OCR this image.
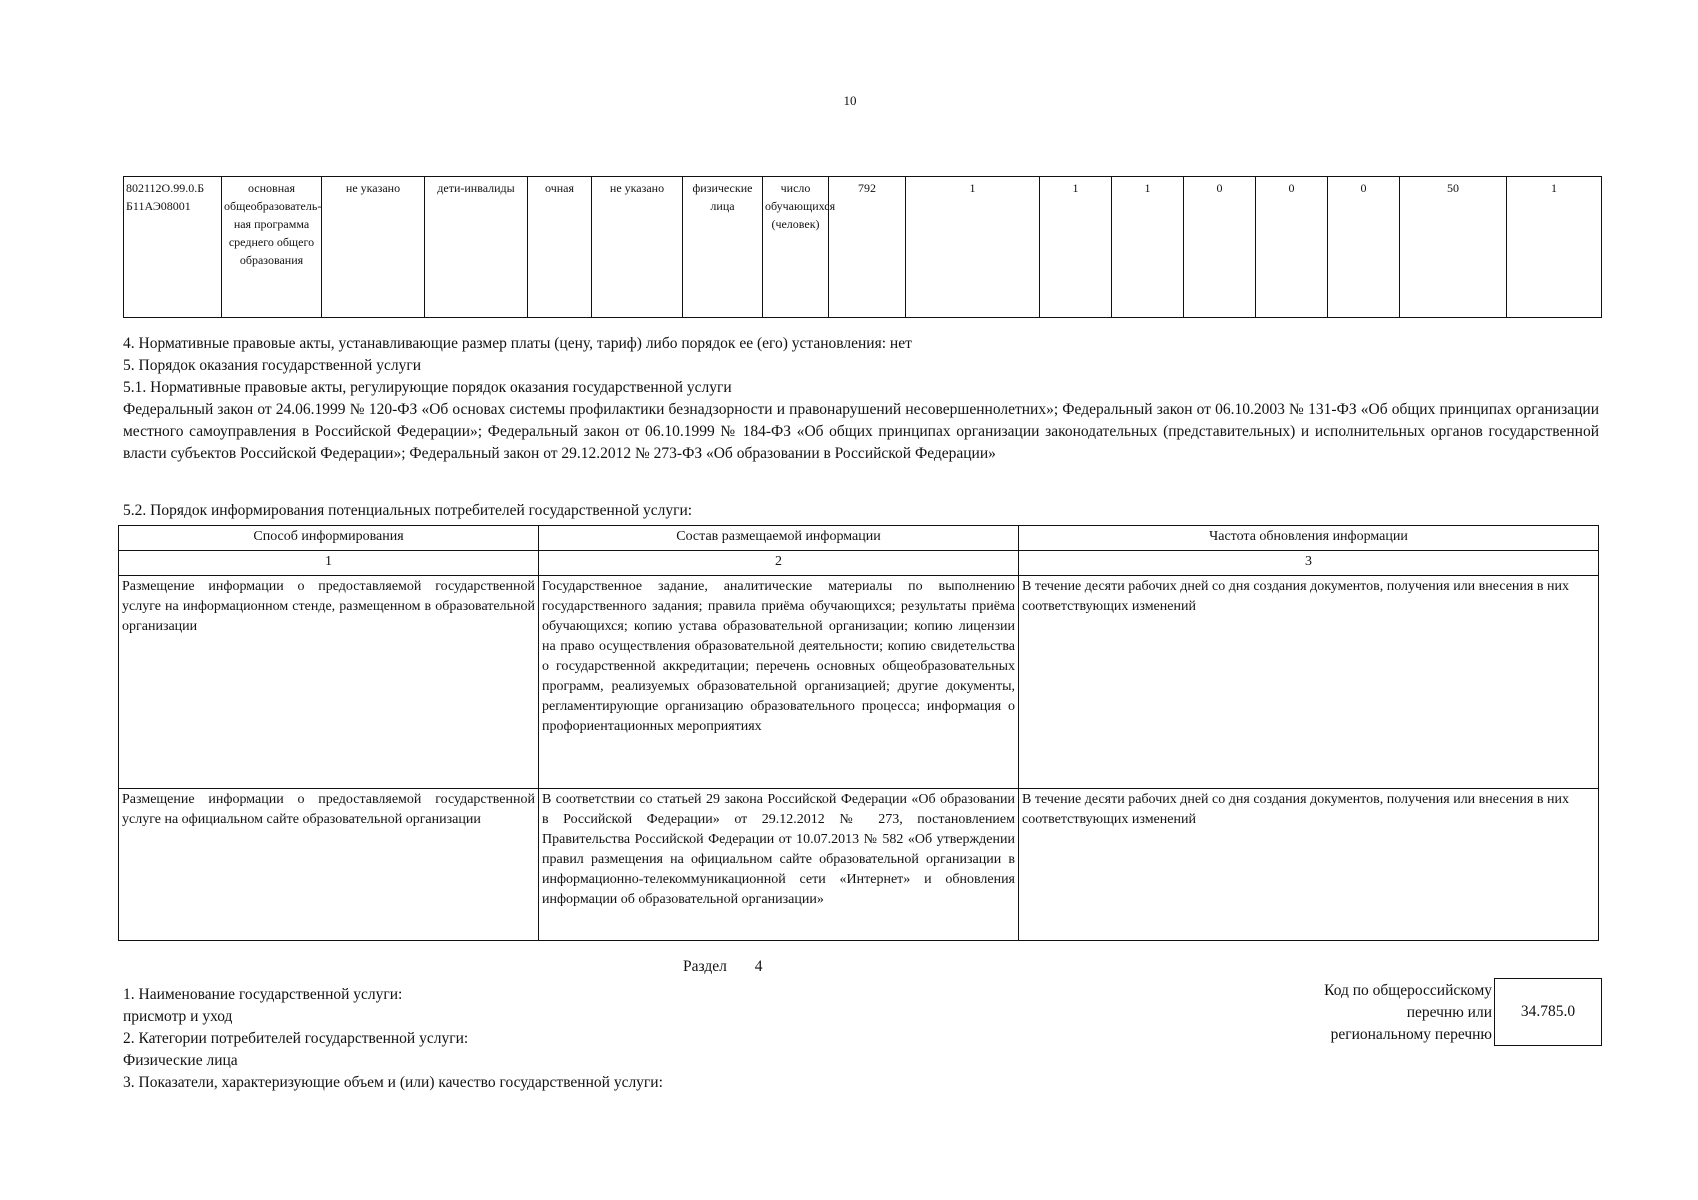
10
802112О.99.0.Б Б11АЭ08001	основная общеобразовательная программа среднего общего образования	не указано	дети-инвалиды	очная	не указано	физические лица	число обучающихся (человек)	792	1	1	1	0	0	0	50	1
4. Нормативные правовые акты, устанавливающие размер платы (цену, тариф) либо порядок ее (его) установления: нет
5. Порядок оказания государственной услуги
5.1. Нормативные правовые акты, регулирующие порядок оказания государственной услуги
Федеральный закон от 24.06.1999 № 120-ФЗ «Об основах системы профилактики безнадзорности и правонарушений несовершеннолетних»; Федеральный закон от 06.10.2003 № 131-ФЗ «Об общих принципах организации местного самоуправления в Российской Федерации»; Федеральный закон от 06.10.1999 № 184-ФЗ «Об общих принципах организации законодательных (представительных) и исполнительных органов государственной власти субъектов Российской Федерации»; Федеральный закон от 29.12.2012 № 273-ФЗ «Об образовании в Российской Федерации»
5.2. Порядок информирования потенциальных потребителей государственной услуги:
Способ информирования	Состав размещаемой информации	Частота обновления информации
1	2	3
Размещение информации о предоставляемой государственной услуге на информационном стенде, размещенном в образовательной организации	Государственное задание, аналитические материалы по выполнению государственного задания; правила приёма обучающихся; результаты приёма обучающихся; копию устава образовательной организации; копию лицензии на право осуществления образовательной деятельности; копию свидетельства о государственной аккредитации; перечень основных общеобразовательных программ, реализуемых образовательной организацией; другие документы, регламентирующие организацию образовательного процесса; информация о профориентационных мероприятиях	В течение десяти рабочих дней со дня создания документов, получения или внесения в них соответствующих изменений
Размещение информации о предоставляемой государственной услуге на официальном сайте образовательной организации	В соответствии со статьей 29 закона Российской Федерации «Об образовании в Российской Федерации» от 29.12.2012 № 273, постановлением Правительства Российской Федерации от 10.07.2013 № 582 «Об утверждении правил размещения на официальном сайте образовательной организации в информационно-телекоммуникационной сети «Интернет» и обновления информации об образовательной организации»	В течение десяти рабочих дней со дня создания документов, получения или внесения в них соответствующих изменений
Раздел 4
1. Наименование государственной услуги:
присмотр и уход
2. Категории потребителей государственной услуги:
Физические лица
3. Показатели, характеризующие объем и (или) качество государственной услуги:
Код по общероссийскому
перечню или
региональному перечню
34.785.0
